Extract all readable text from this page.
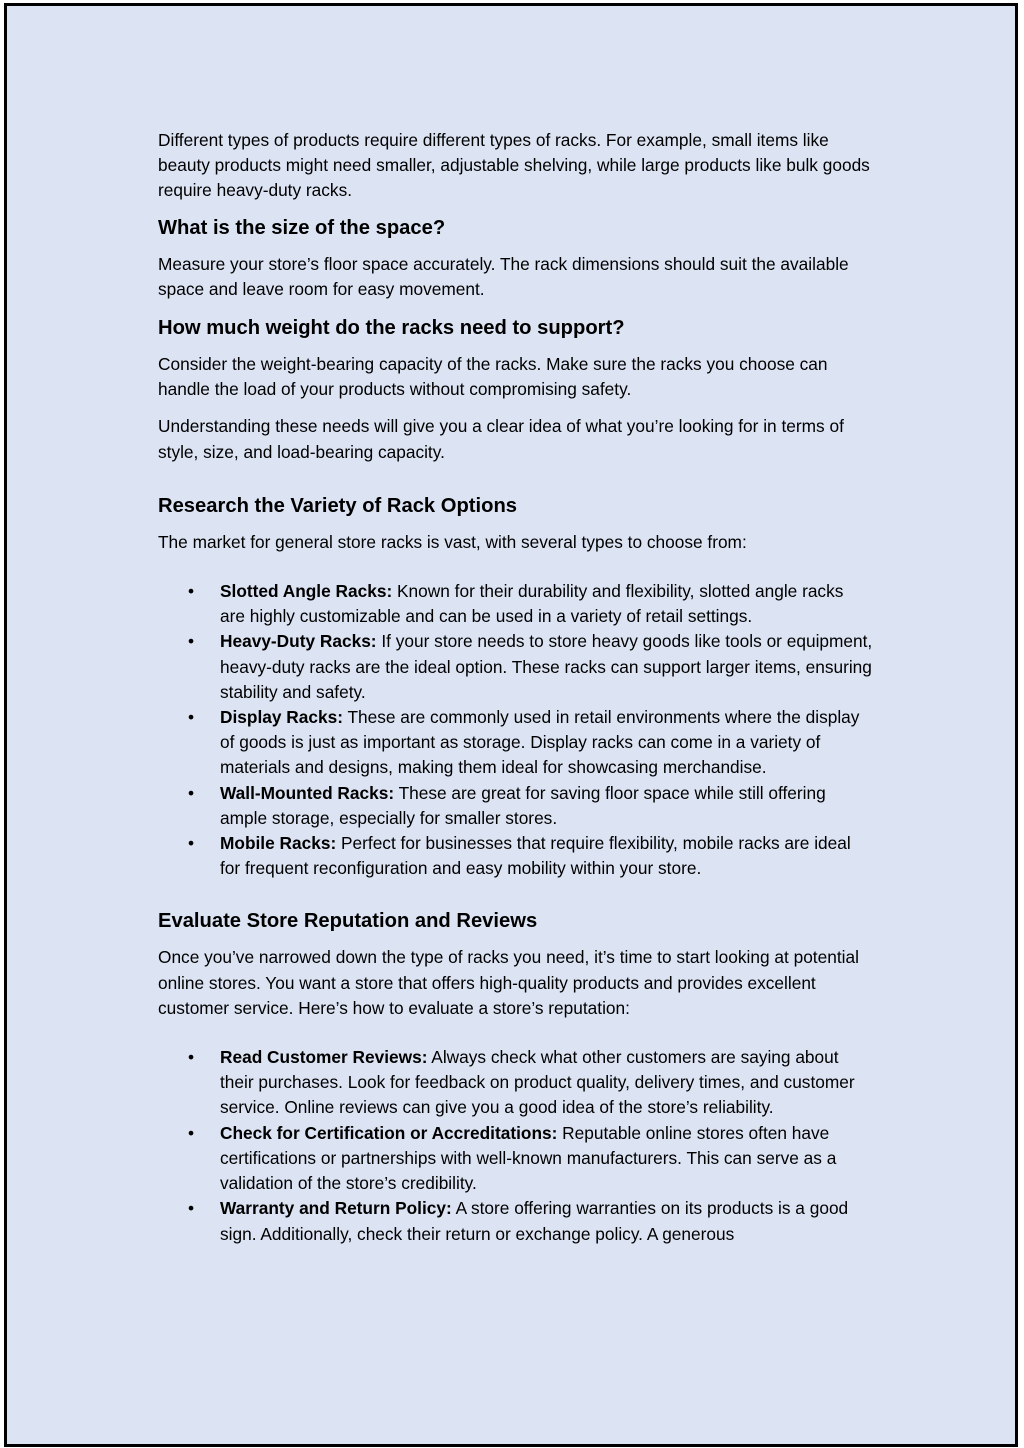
Different types of products require different types of racks. For example, small items like beauty products might need smaller, adjustable shelving, while large products like bulk goods require heavy-duty racks.

What is the size of the space?

Measure your store’s floor space accurately. The rack dimensions should suit the available space and leave room for easy movement.

How much weight do the racks need to support?

Consider the weight-bearing capacity of the racks. Make sure the racks you choose can handle the load of your products without compromising safety.

Understanding these needs will give you a clear idea of what you’re looking for in terms of style, size, and load-bearing capacity.

Research the Variety of Rack Options

The market for general store racks is vast, with several types to choose from:

• Slotted Angle Racks: Known for their durability and flexibility, slotted angle racks are highly customizable and can be used in a variety of retail settings.
• Heavy-Duty Racks: If your store needs to store heavy goods like tools or equipment, heavy-duty racks are the ideal option. These racks can support larger items, ensuring stability and safety.
• Display Racks: These are commonly used in retail environments where the display of goods is just as important as storage. Display racks can come in a variety of materials and designs, making them ideal for showcasing merchandise.
• Wall-Mounted Racks: These are great for saving floor space while still offering ample storage, especially for smaller stores.
• Mobile Racks: Perfect for businesses that require flexibility, mobile racks are ideal for frequent reconfiguration and easy mobility within your store.
Evaluate Store Reputation and Reviews

Once you’ve narrowed down the type of racks you need, it’s time to start looking at potential online stores. You want a store that offers high-quality products and provides excellent customer service. Here’s how to evaluate a store’s reputation:

• Read Customer Reviews: Always check what other customers are saying about their purchases. Look for feedback on product quality, delivery times, and customer service. Online reviews can give you a good idea of the store’s reliability.
• Check for Certification or Accreditations: Reputable online stores often have certifications or partnerships with well-known manufacturers. This can serve as a validation of the store’s credibility.
• Warranty and Return Policy: A store offering warranties on its products is a good sign. Additionally, check their return or exchange policy. A generous
